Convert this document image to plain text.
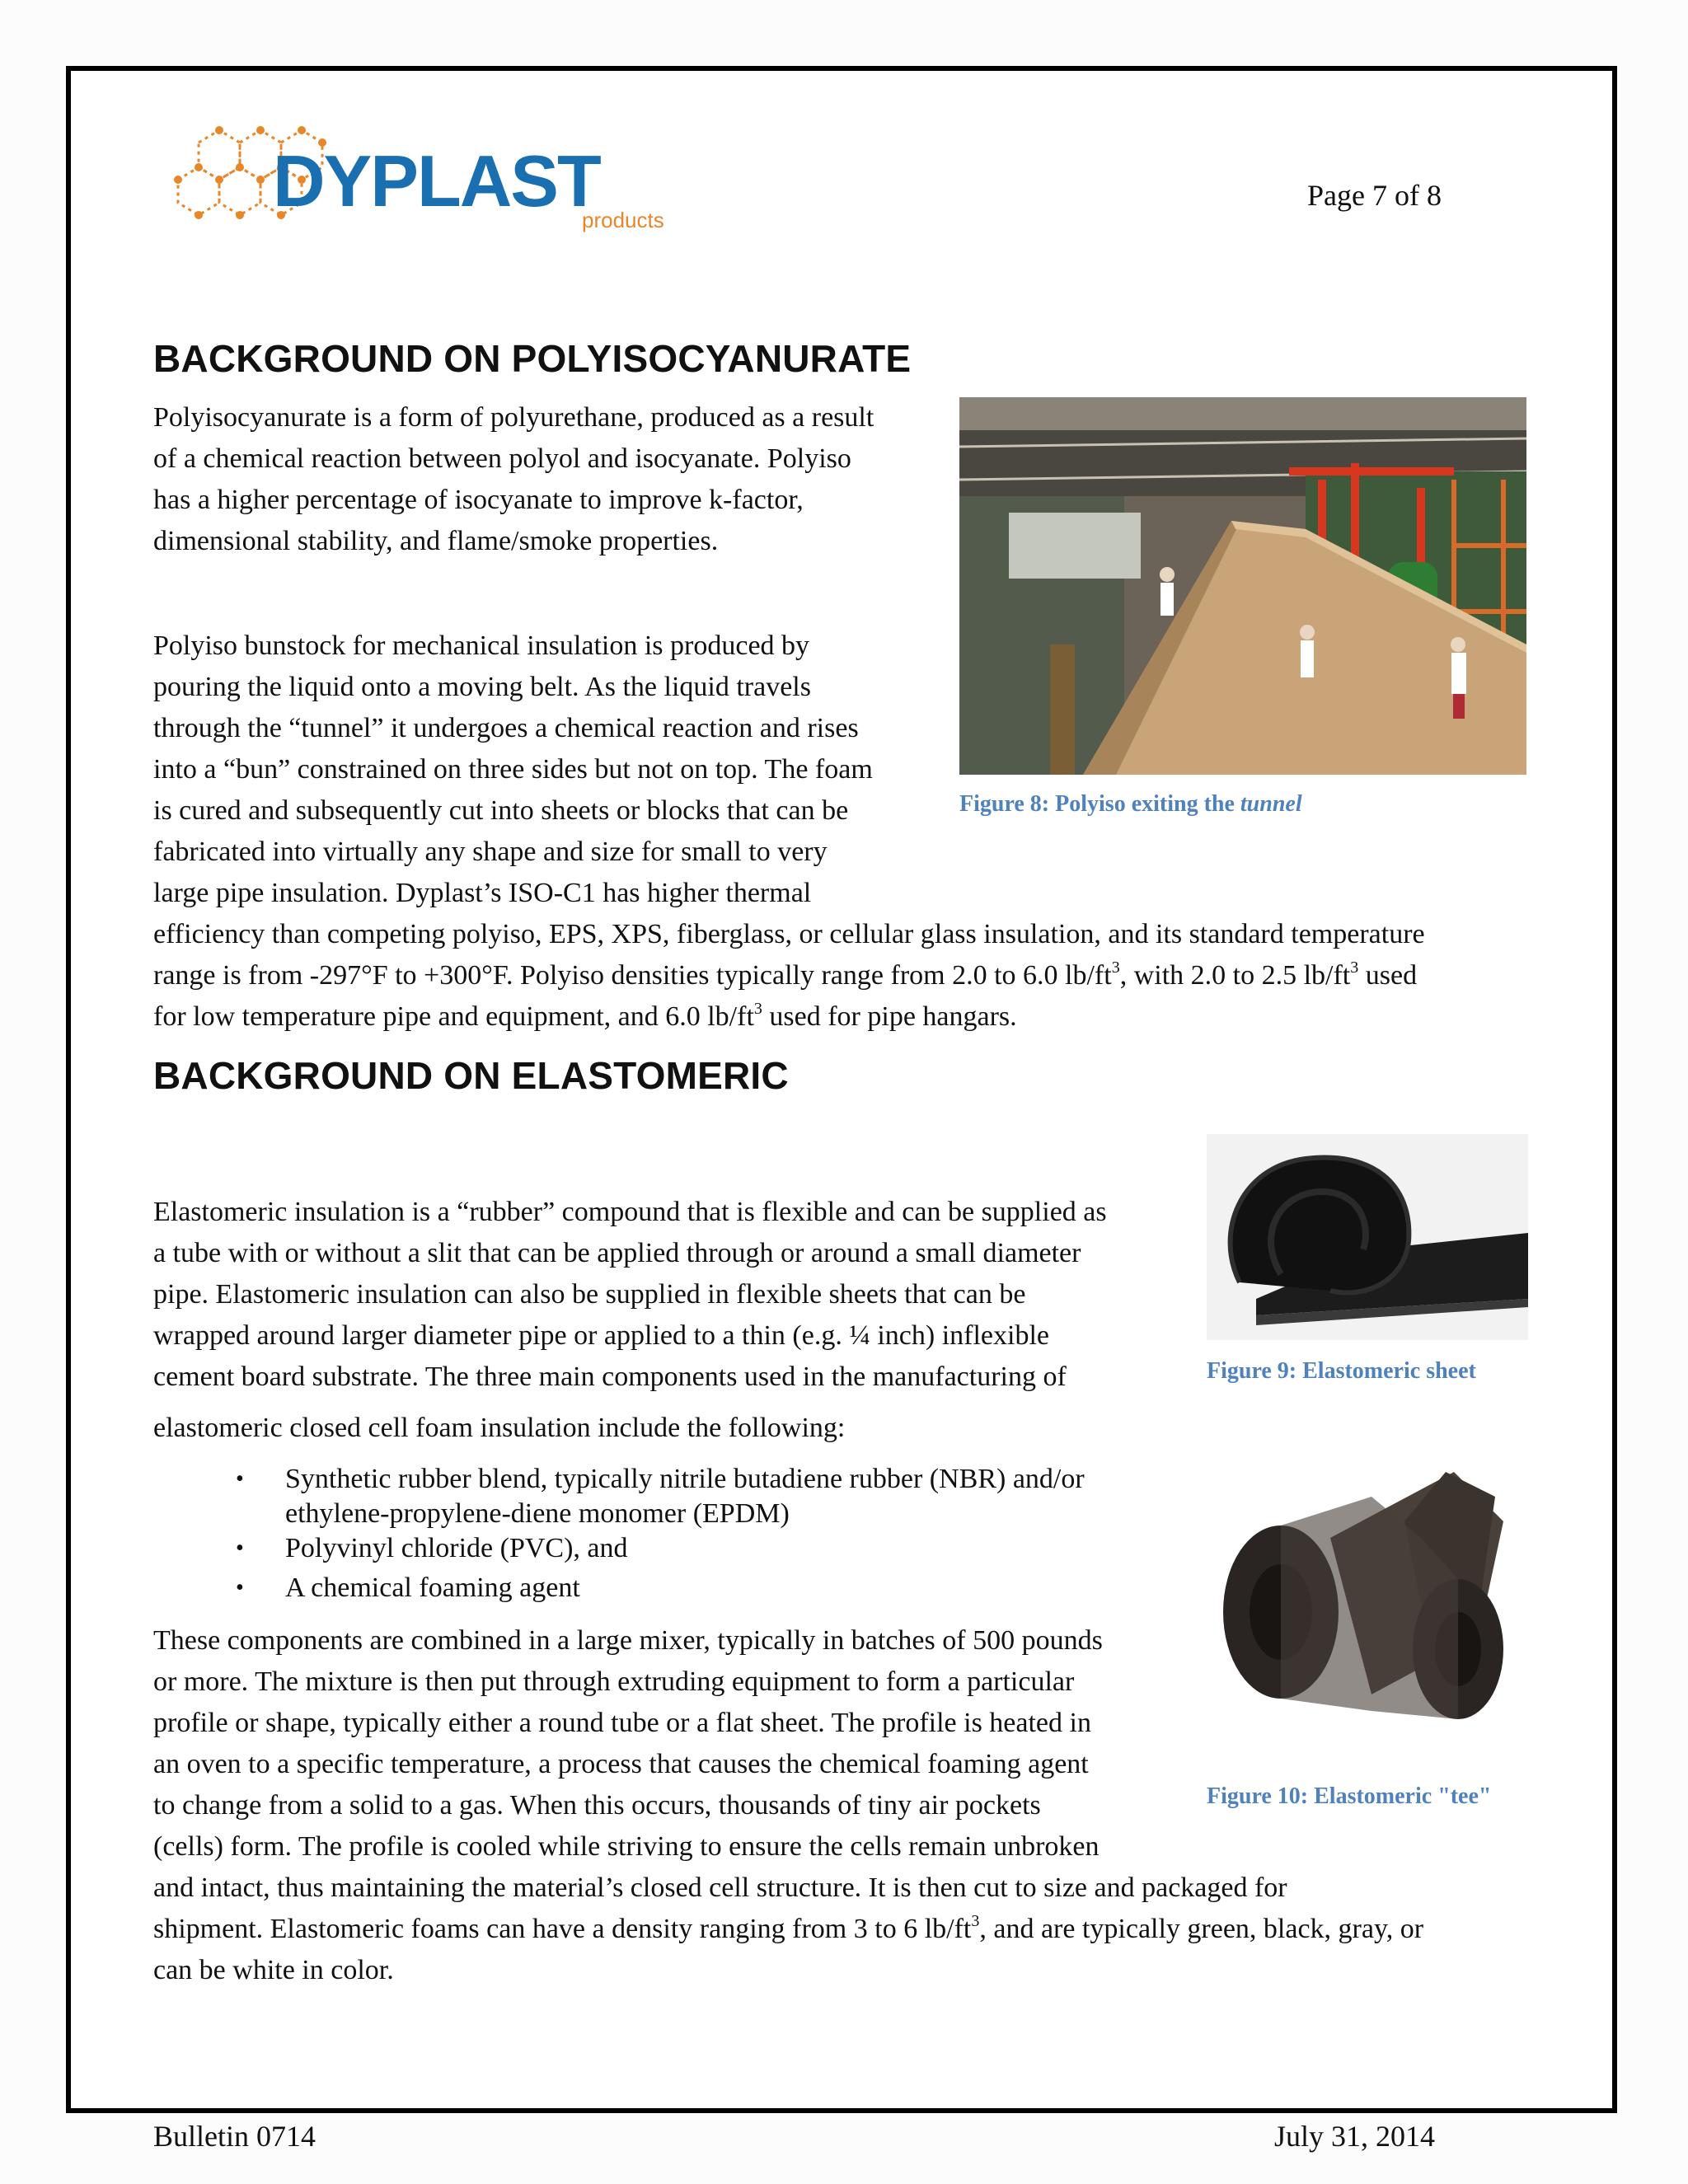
DYPLAST
products
Page 7 of 8
BACKGROUND ON POLYISOCYANURATE
Polyisocyanurate is a form of polyurethane, produced as a result
of a chemical reaction between polyol and isocyanate. Polyiso
has a higher percentage of isocyanate to improve k-factor,
dimensional stability, and flame/smoke properties.
Polyiso bunstock for mechanical insulation is produced by
pouring the liquid onto a moving belt. As the liquid travels
through the “tunnel” it undergoes a chemical reaction and rises
into a “bun” constrained on three sides but not on top. The foam
is cured and subsequently cut into sheets or blocks that can be
fabricated into virtually any shape and size for small to very
large pipe insulation. Dyplast’s ISO-C1 has higher thermal
efficiency than competing polyiso, EPS, XPS, fiberglass, or cellular glass insulation, and its standard temperature
range is from -297°F to +300°F. Polyiso densities typically range from 2.0 to 6.0 $lb/ft^3$, with 2.0 to 2.5 $lb/ft^3$ used
for low temperature pipe and equipment, and 6.0 $lb/ft^3$ used for pipe hangars.
Figure 8: Polyiso exiting the tunnel
BACKGROUND ON ELASTOMERIC
Elastomeric insulation is a “rubber” compound that is flexible and can be supplied as
a tube with or without a slit that can be applied through or around a small diameter
pipe. Elastomeric insulation can also be supplied in flexible sheets that can be
wrapped around larger diameter pipe or applied to a thin (e.g. ¼ inch) inflexible
cement board substrate. The three main components used in the manufacturing of
elastomeric closed cell foam insulation include the following:
• Synthetic rubber blend, typically nitrile butadiene rubber (NBR) and/or
ethylene-propylene-diene monomer (EPDM)
• Polyvinyl chloride (PVC), and
• A chemical foaming agent
These components are combined in a large mixer, typically in batches of 500 pounds
or more. The mixture is then put through extruding equipment to form a particular
profile or shape, typically either a round tube or a flat sheet. The profile is heated in
an oven to a specific temperature, a process that causes the chemical foaming agent
to change from a solid to a gas. When this occurs, thousands of tiny air pockets
(cells) form. The profile is cooled while striving to ensure the cells remain unbroken
and intact, thus maintaining the material’s closed cell structure. It is then cut to size and packaged for
shipment. Elastomeric foams can have a density ranging from 3 to 6 $lb/ft^3$, and are typically green, black, gray, or
can be white in color.
Figure 9: Elastomeric sheet
Figure 10: Elastomeric "tee"
Bulletin 0714	July 31, 2014
